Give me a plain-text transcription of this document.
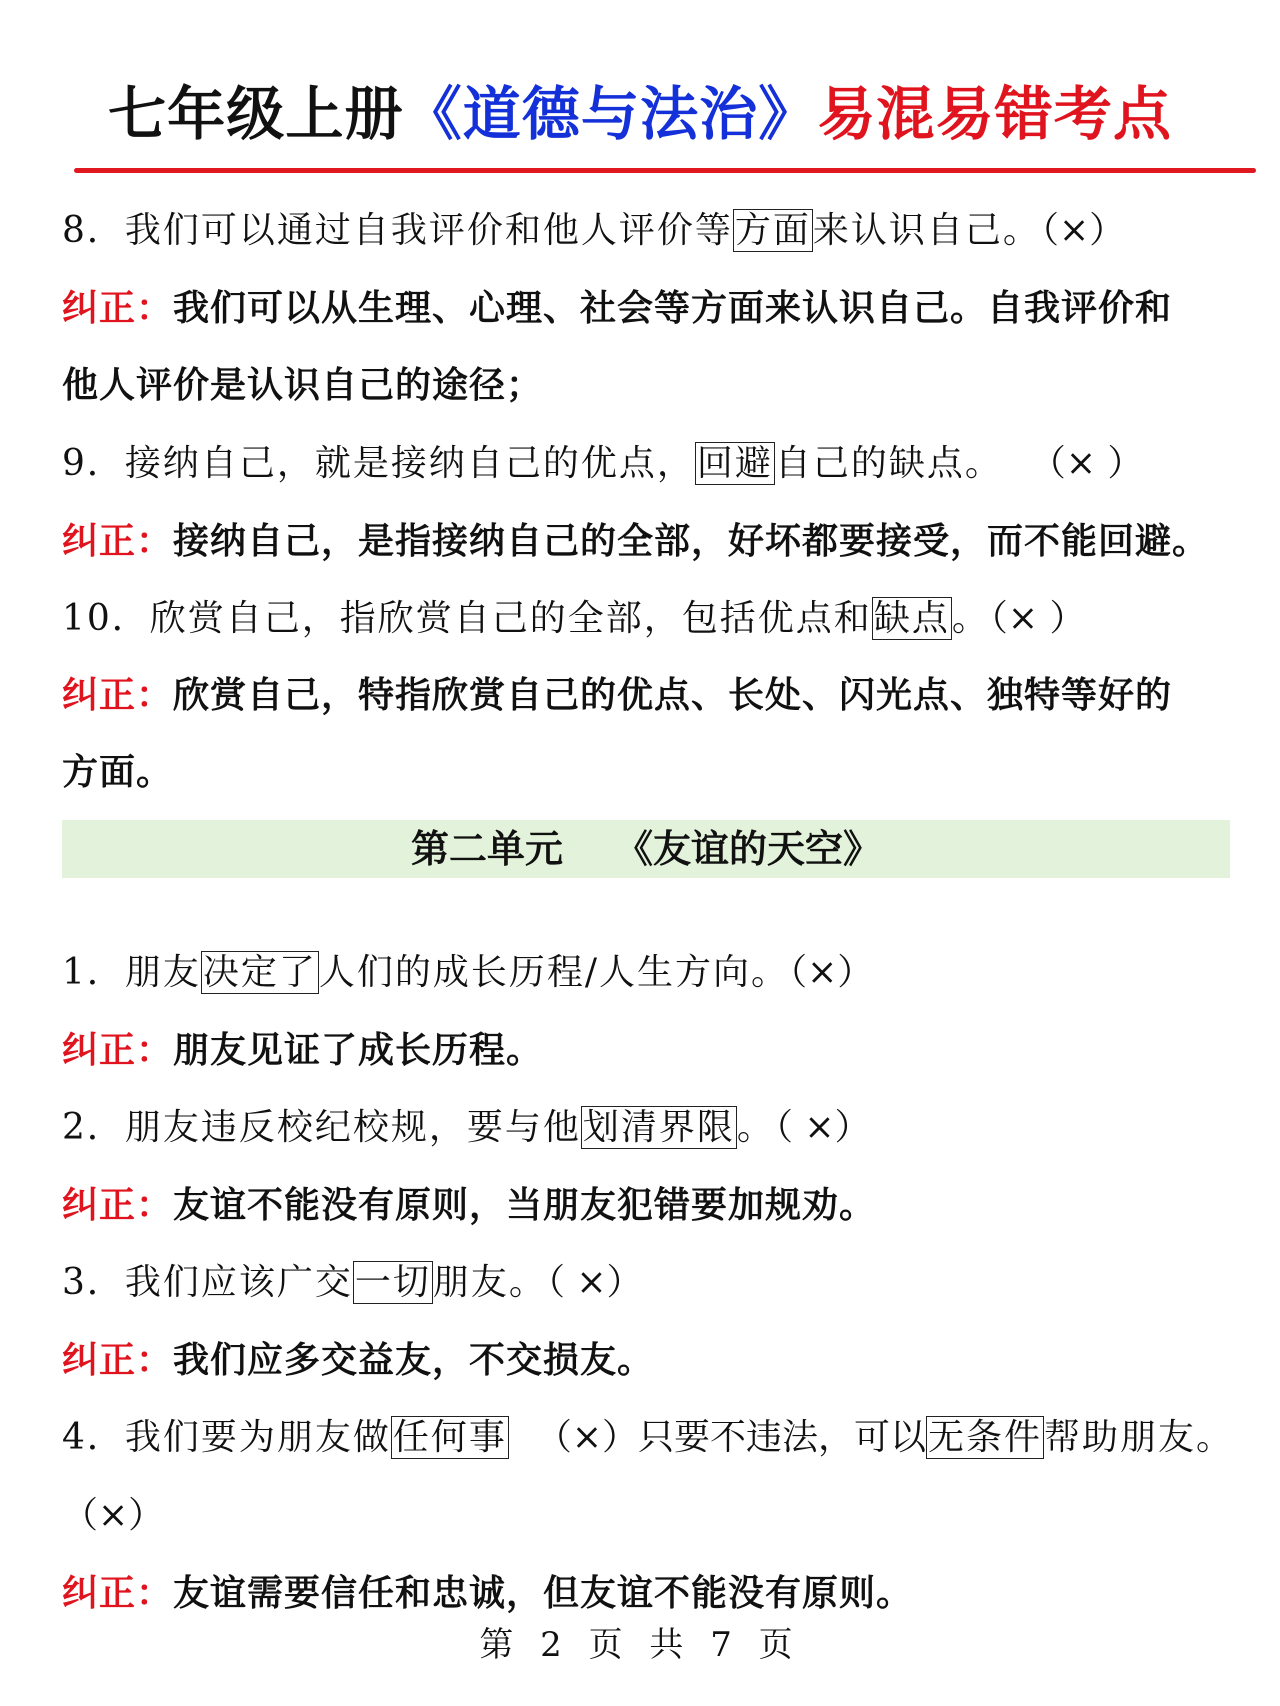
七年级上册《道德与法治》易混易错考点
8．我们可以通过自我评价和他人评价等方面来认识自己。（×）
纠正：我们可以从生理、心理、社会等方面来认识自己。自我评价和
他人评价是认识自己的途径；
9．接纳自己，就是接纳自己的优点，回避自己的缺点。 （× ）
纠正：接纳自己，是指接纳自己的全部，好坏都要接受，而不能回避。
10．欣赏自己，指欣赏自己的全部，包括优点和缺点。（× ）
纠正：欣赏自己，特指欣赏自己的优点、长处、闪光点、独特等好的
方面。
第二单元 《友谊的天空》
1．朋友决定了人们的成长历程/人生方向。（×）
纠正：朋友见证了成长历程。
2．朋友违反校纪校规，要与他划清界限。（ ×）
纠正：友谊不能没有原则，当朋友犯错要加规劝。
3．我们应该广交一切朋友。（ ×）
纠正：我们应多交益友，不交损友。
4．我们要为朋友做任何事 （×）只要不违法，可以无条件帮助朋友。
（×）
纠正：友谊需要信任和忠诚，但友谊不能没有原则。
第 2 页 共 7 页
